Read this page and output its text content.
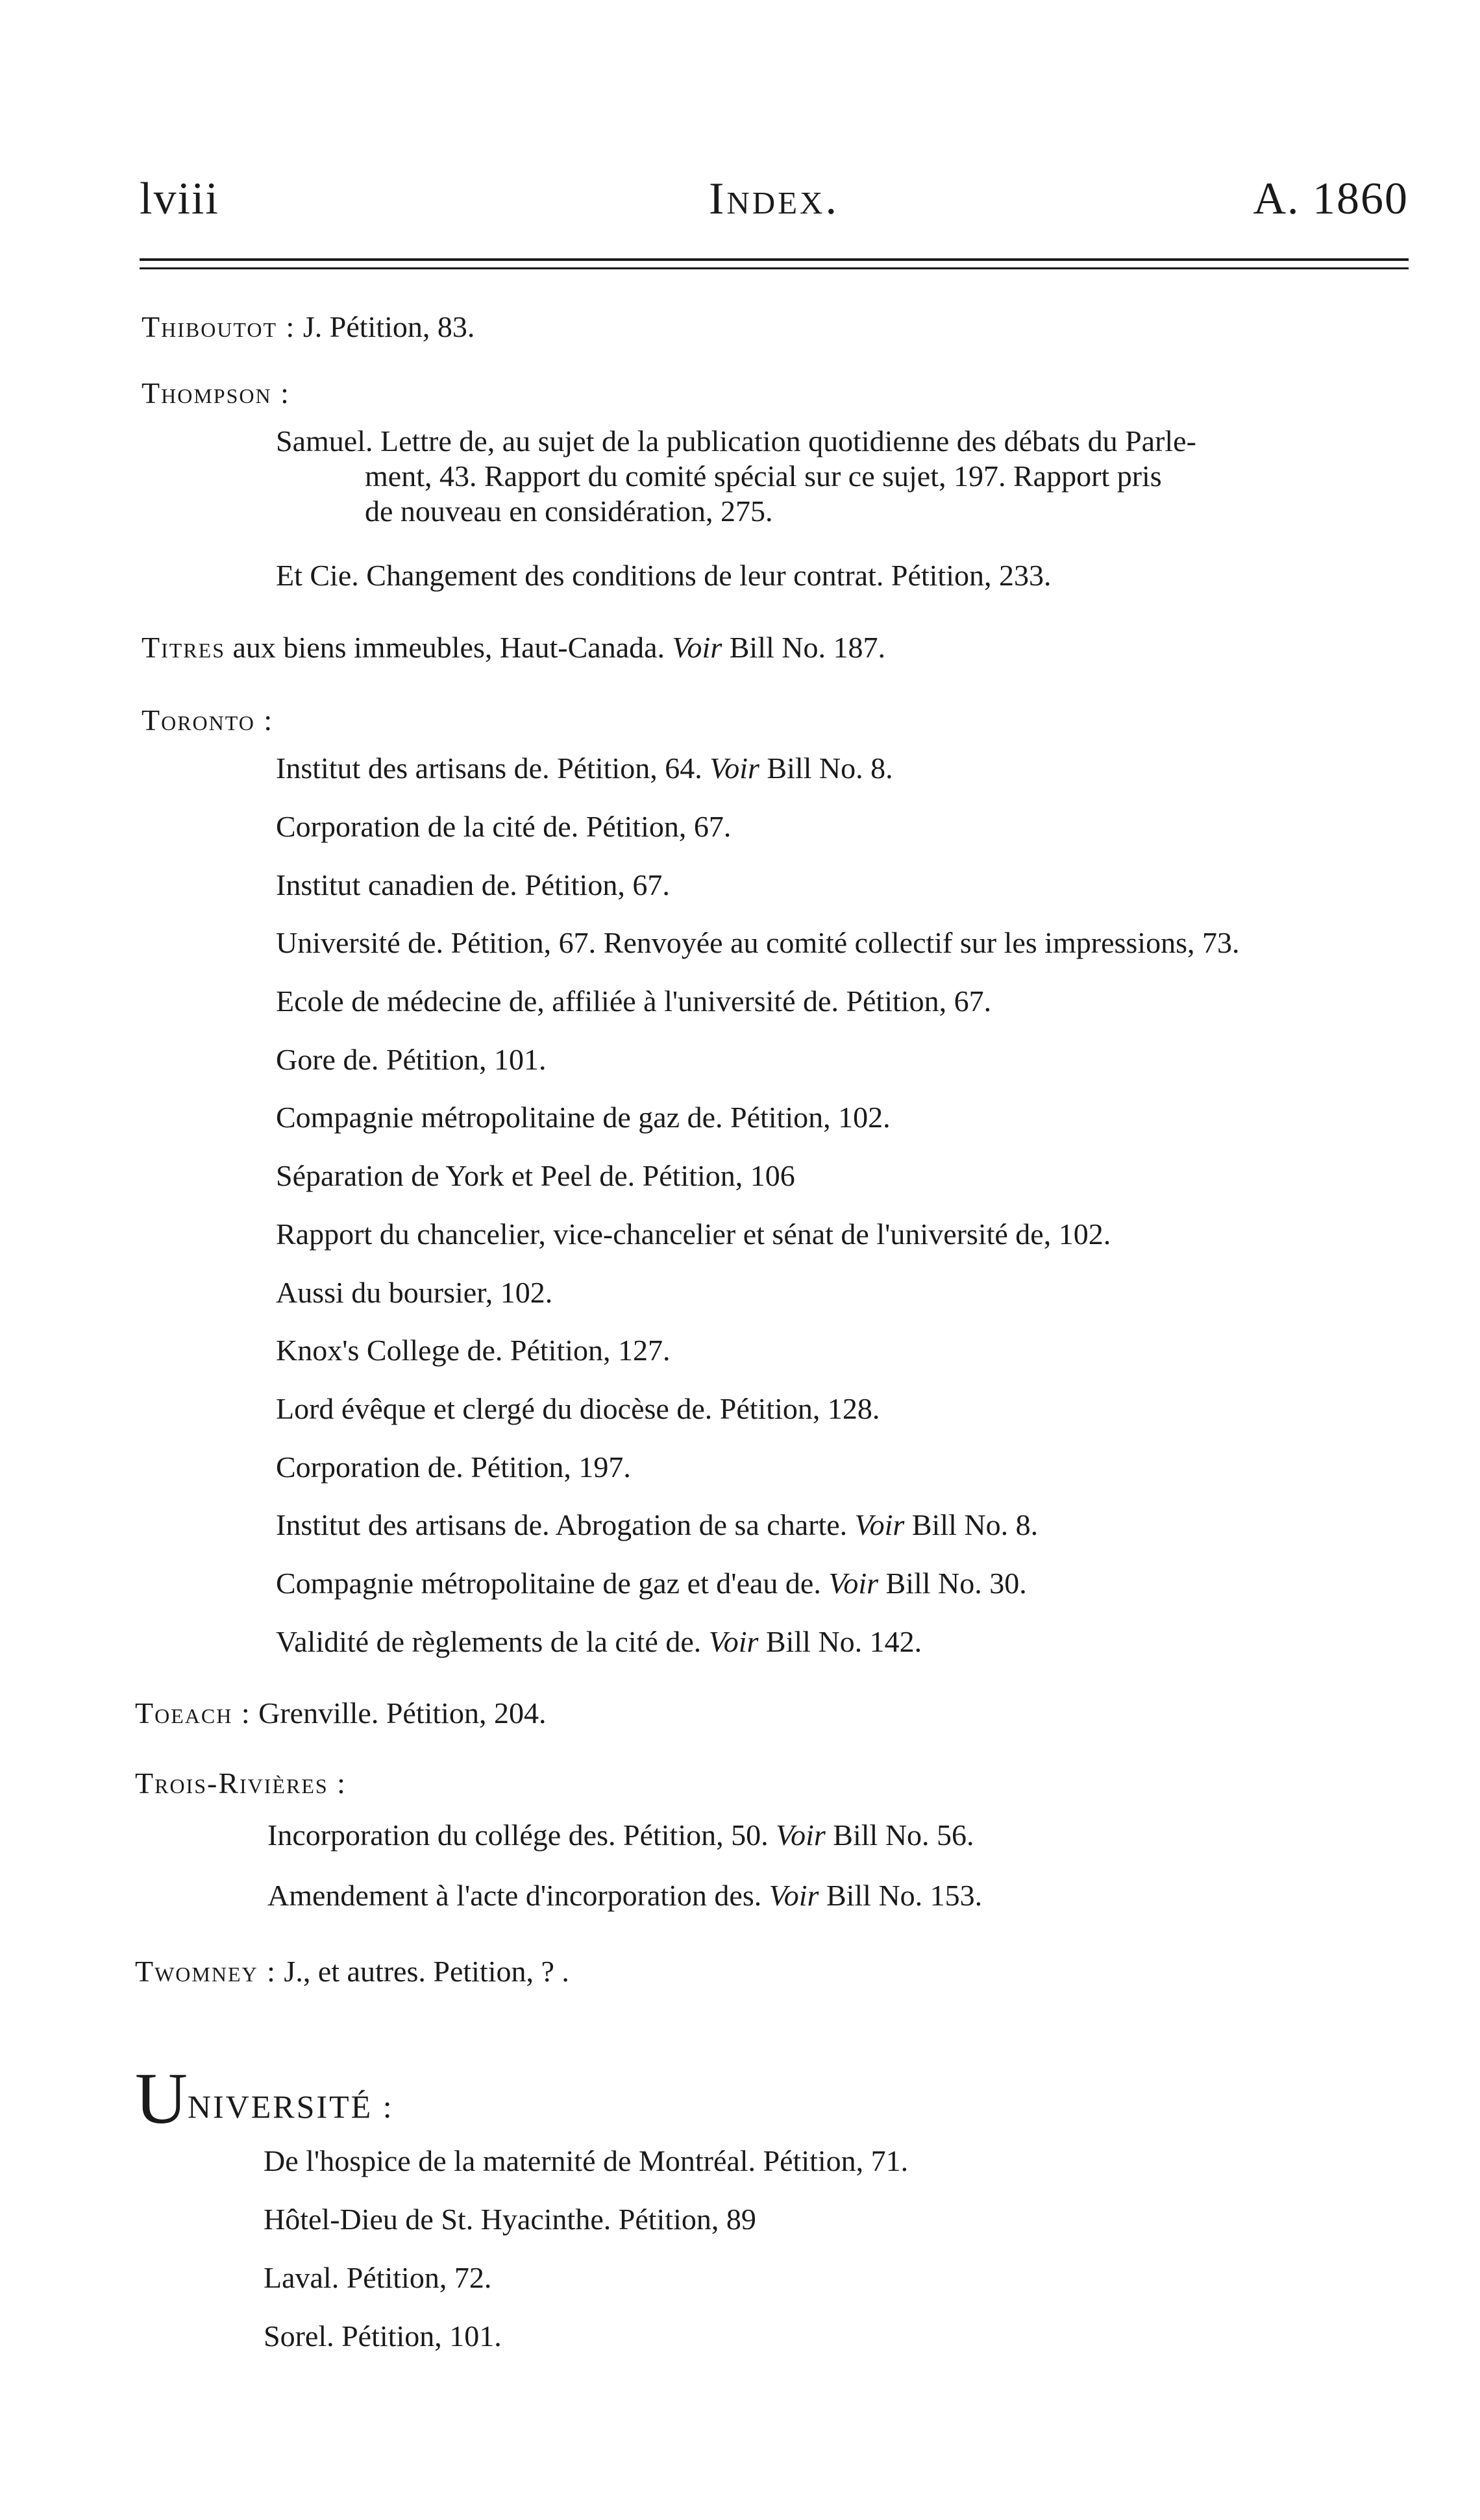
lviii	Index.	A. 1860
Thiboutot : J. Pétition, 83.
Thompson :
Samuel. Lettre de, au sujet de la publication quotidienne des débats du Parle-
ment, 43. Rapport du comité spécial sur ce sujet, 197. Rapport pris
de nouveau en considération, 275.
Et Cie. Changement des conditions de leur contrat. Pétition, 233.
Titres aux biens immeubles, Haut-Canada. Voir Bill No. 187.
Toronto :
Institut des artisans de. Pétition, 64. Voir Bill No. 8.
Corporation de la cité de. Pétition, 67.
Institut canadien de. Pétition, 67.
Université de. Pétition, 67. Renvoyée au comité collectif sur les impressions, 73.
Ecole de médecine de, affiliée à l'université de. Pétition, 67.
Gore de. Pétition, 101.
Compagnie métropolitaine de gaz de. Pétition, 102.
Séparation de York et Peel de. Pétition, 106
Rapport du chancelier, vice-chancelier et sénat de l'université de, 102.
Aussi du boursier, 102.
Knox's College de. Pétition, 127.
Lord évêque et clergé du diocèse de. Pétition, 128.
Corporation de. Pétition, 197.
Institut des artisans de. Abrogation de sa charte. Voir Bill No. 8.
Compagnie métropolitaine de gaz et d'eau de. Voir Bill No. 30.
Validité de règlements de la cité de. Voir Bill No. 142.
Toeach : Grenville. Pétition, 204.
Trois-Rivières :
Incorporation du collége des. Pétition, 50. Voir Bill No. 56.
Amendement à l'acte d'incorporation des. Voir Bill No. 153.
Twomney : J., et autres. Petition, ? .
UNIVERSITÉ :
De l'hospice de la maternité de Montréal. Pétition, 71.
Hôtel-Dieu de St. Hyacinthe. Pétition, 89
Laval. Pétition, 72.
Sorel. Pétition, 101.
